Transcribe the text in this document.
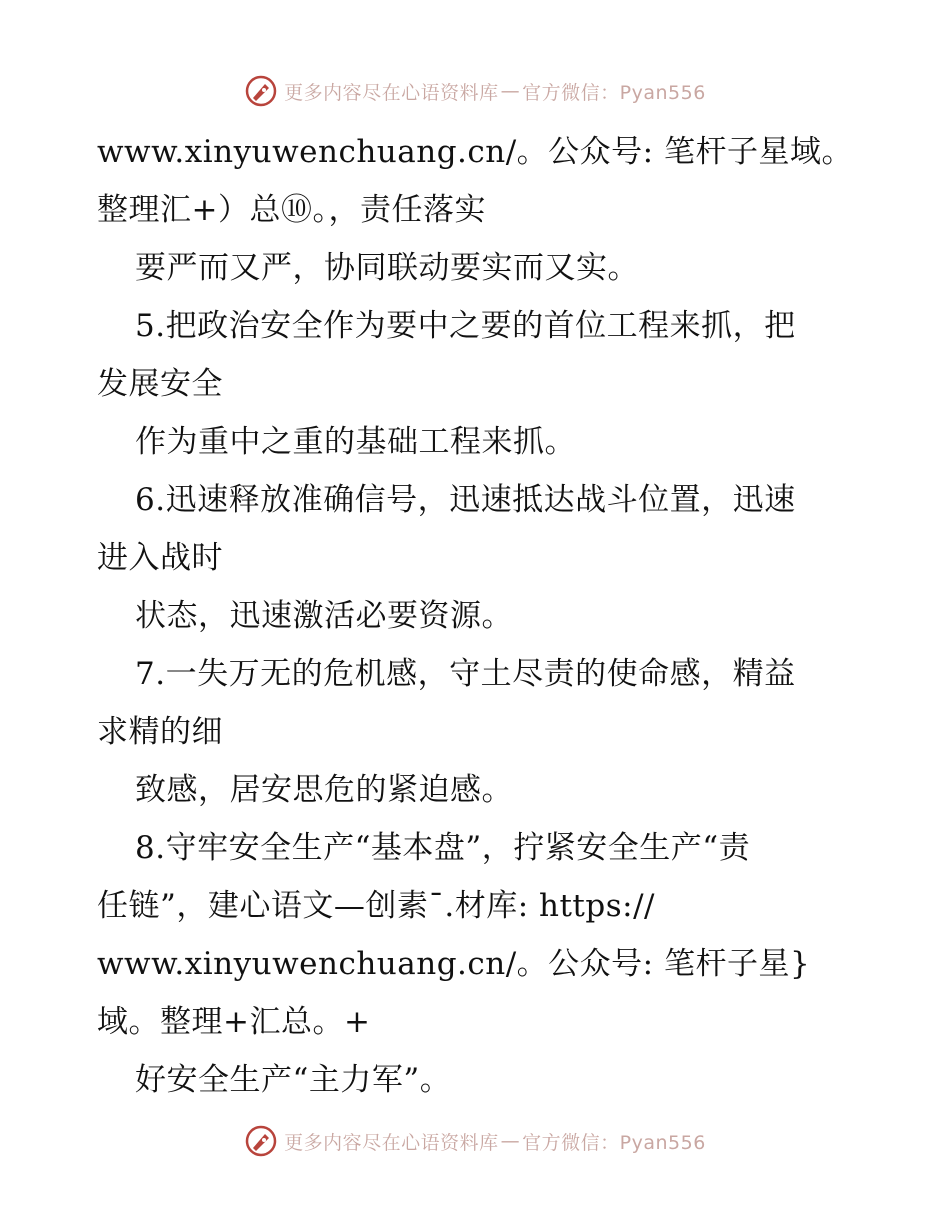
更多内容尽在心语资料库 — 官方微信：Pyan556
www.xinyuwenchuang.cn/。公众号: 笔杆子星域。
整理汇+）总⑩。，责任落实
要严而又严，协同联动要实而又实。
5.把政治安全作为要中之要的首位工程来抓，把
发展安全
作为重中之重的基础工程来抓。
6.迅速释放准确信号，迅速抵达战斗位置，迅速
进入战时
状态，迅速激活必要资源。
7.一失万无的危机感，守土尽责的使命感，精益
求精的细
致感，居安思危的紧迫感。
8.守牢安全生产“基本盘”，拧紧安全生产“责
任链”，建心语文—创素¯.材库: https://
www.xinyuwenchuang.cn/。公众号: 笔杆子星}
域。整理+汇总。+
好安全生产“主力军”。
更多内容尽在心语资料库 — 官方微信：Pyan556
